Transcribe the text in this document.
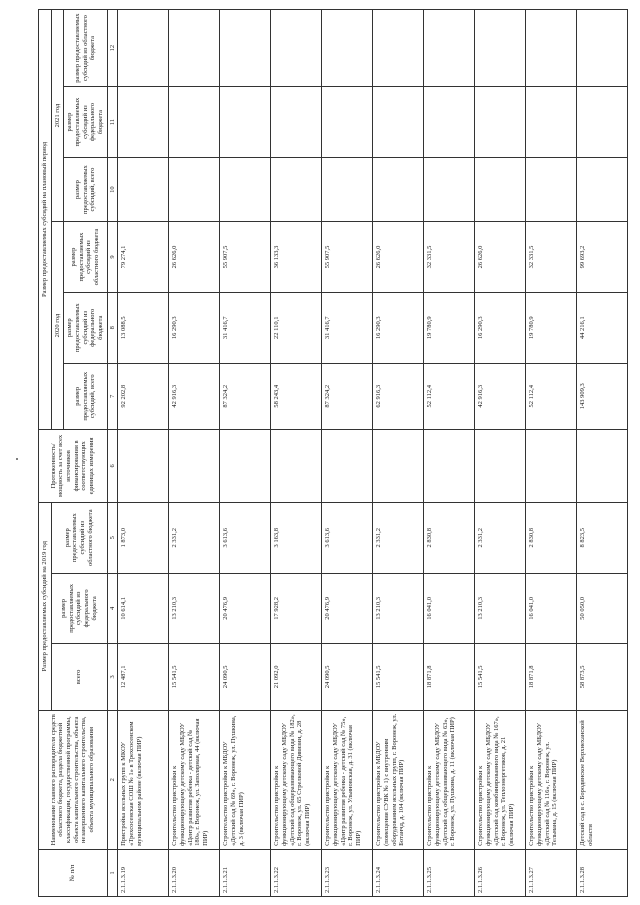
№ п/п	Наименование главного распорядителя средств областного бюджета, раздела бюджетной классификации, государственной программы, объекта капитального строительства, объекта незавершенного капитального строительства, объекта муниципального образования	Размер предоставляемых субсидий на 2019 год			Протяженность/ мощность за счет всех источников финансирования в соответствующих единицах измерения	Размер предоставляемых субсидий на плановый период					
		всего	размер предоставляемых субсидий из федерального бюджета	размер предоставляемых субсидий из областного бюджета		2020 год			2021 год		
						размер предоставляемых субсидий, всего	размер предоставляемых субсидий из федерального бюджета	размер предоставляемых субсидий из областного бюджета	размер предоставляемых субсидий, всего	размер предоставляемых субсидий из федерального бюджета	размер предоставляемых субсидий из областного бюджета
1	2	3	4	5	6	7	8	9	10	11	12
2.1.1.3.19	Пристройка ясельных групп к МКОУ «Трехсосенская СОШ № 1» в Трехсосенском муниципальном районе (включая ПИР)	12 487,1	10 614,1	1 873,0		92 202,8	13 088,5	79 274,1			
2.1.1.3.20	Строительство пристройки к функционирующему детскому саду МБДОУ «Центр развития ребенка - детский сад № 180», г. Воронеж, ул. Заполярная, 44 (включая ПИР)	15 541,5	13 210,3	2 331,2		42 916,3	16 290,3	26 626,0			
2.1.1.3.21	Строительство пристройки к МБДОУ «Детский сад № 69», г. Воронеж, ул. Пушкина, д. 3 (включая ПИР)	24 090,5	20 476,9	3 613,6		87 324,2	31 416,7	55 907,5			
2.1.1.3.22	Строительство пристройки к функционирующему детскому саду МБДОУ «Детский сад общеразвивающего вида № 182», г. Воронеж, ул. 65 Стрелковой Дивизии, д. 28 (включая ПИР)	21 092,0	17 928,2	3 163,8		58 243,4	22 110,1	36 133,3			
2.1.1.3.23	Строительство пристройки к функционирующему детскому саду МБДОУ «Центр развития ребенка - детский сад № 75», г. Воронеж, ул. Ульяновская, д. 31 (включая ПИР)	24 090,5	20 476,9	3 613,6		87 324,2	31 416,7	55 907,5			
2.1.1.3.24	Строительство пристройки к МБДОУ (помещения СУВК № 1) с внутренним оборудованием ясельных групп, г. Воронеж, ул. Ботанчд, д. 104 (включая ПИР)	15 541,5	13 210,3	2 331,2		62 916,3	16 290,3	26 626,0			
2.1.1.3.25	Строительство пристройки к функционирующему детскому саду МБДОУ «Детский сад общеразвивающего вида № 63», г. Воронеж, ул. Пушкина, д. 11 (включая ПИР)	18 871,8	16 041,0	2 830,8		52 112,4	19 780,9	32 331,5			
2.1.1.3.26	Строительство пристройки к функционирующему детскому саду МБДОУ «Детский сад комбинированного вида № 167», г. Воронеж, ул. Теплоэнергетиков, д. 21 (включая ПИР)	15 541,5	13 210,3	2 331,2		42 916,3	16 290,3	26 626,0			
2.1.1.3.27	Строительство пристройки к функционирующему детскому саду МБДОУ «Детский сад № 116», г. Воронеж, ул. Тельмана, д. 15 (включая ПИР)	18 871,8	16 041,0	2 830,8		52 112,4	19 780,9	32 331,5			
2.1.1.3.28	Детский сад в с. Бородинское Верхнеханской области	58 873,5	50 050,0	8 823,5		143 909,3	44 216,1	99 693,2			
